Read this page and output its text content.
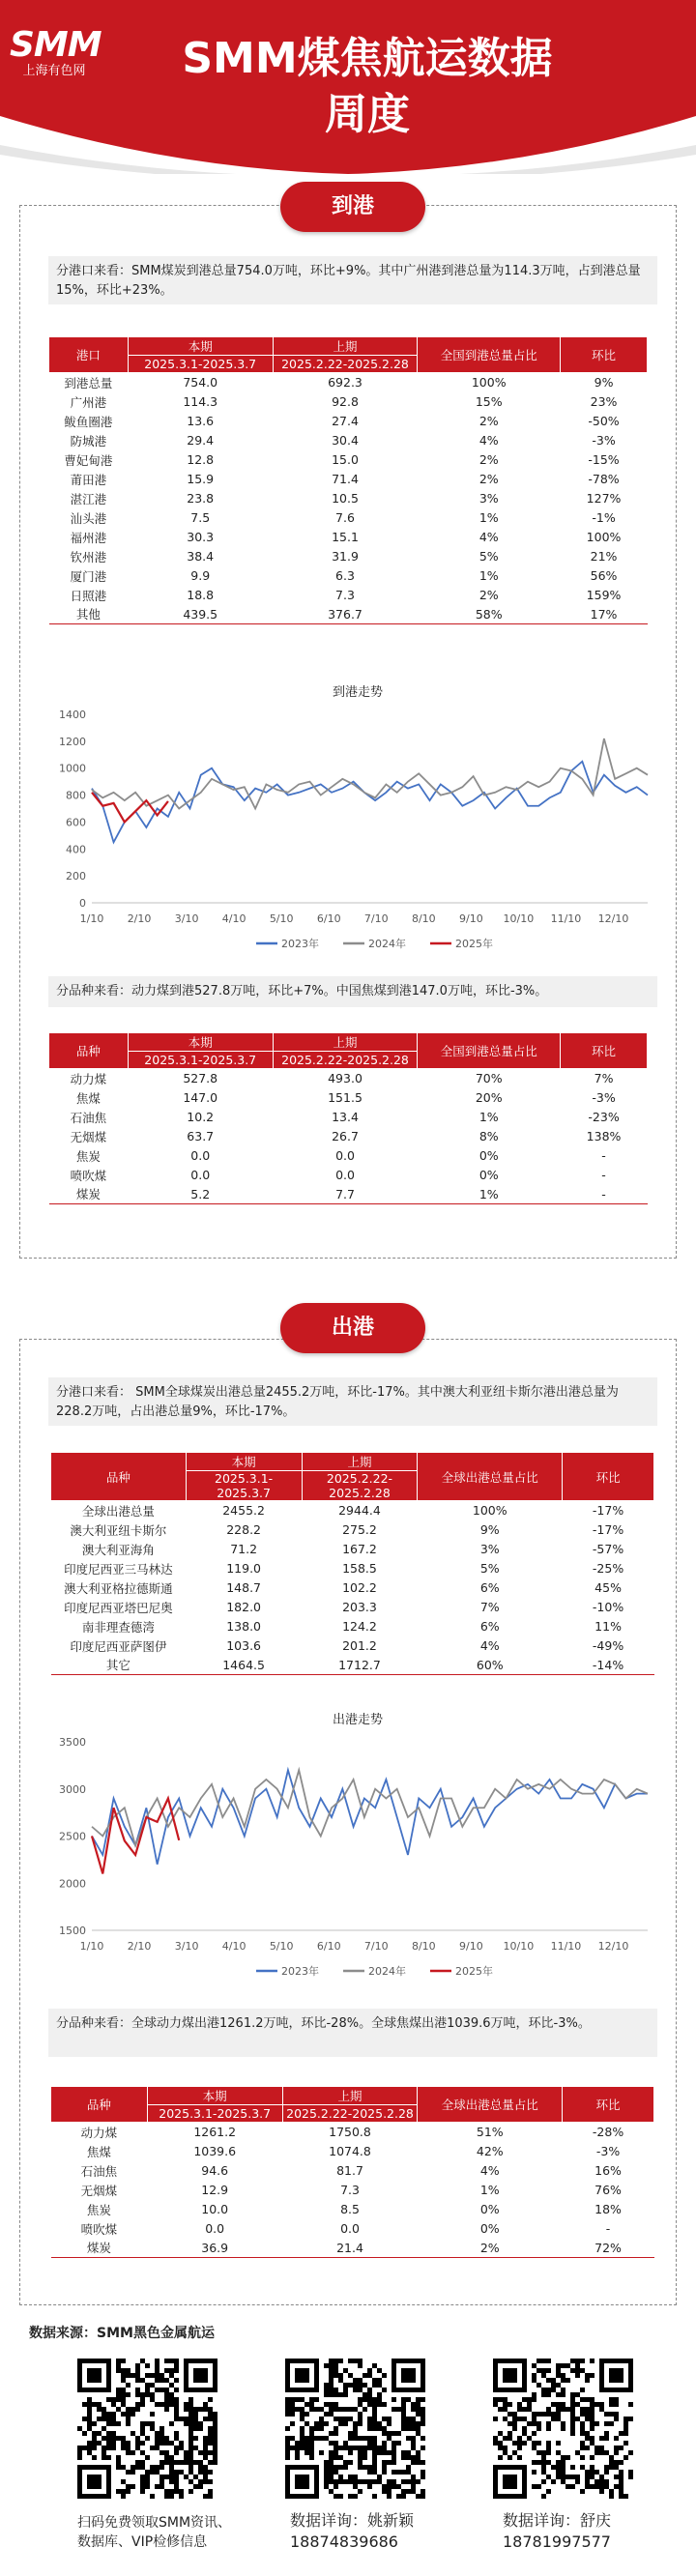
SMM
上海有色网	SMM煤焦航运数据
周度
到港
分港口来看：SMM煤炭到港总量754.0万吨，环比+9%。其中广州港到港总量为114.3万吨，占到港总量15%，环比+23%。
港口	本期	上期	全国到港总量占比	环比
	2025.3.1-2025.3.7	2025.2.22-2025.2.28		
到港总量	754.0	692.3	100%	9%
广州港	114.3	92.8	15%	23%
鲅鱼圈港	13.6	27.4	2%	-50%
防城港	29.4	30.4	4%	-3%
曹妃甸港	12.8	15.0	2%	-15%
莆田港	15.9	71.4	2%	-78%
湛江港	23.8	10.5	3%	127%
汕头港	7.5	7.6	1%	-1%
福州港	30.3	15.1	4%	100%
钦州港	38.4	31.9	5%	21%
厦门港	9.9	6.3	1%	56%
日照港	18.8	7.3	2%	159%
其他	439.5	376.7	58%	17%
到港走势
0
200
400
600
800
1000
1200
1400
1/10 2/10 3/10 4/10 5/10 6/10 7/10 8/10 9/10 10/10 11/10 12/10
2023年	2024年	2025年
分品种来看：动力煤到港527.8万吨，环比+7%。中国焦煤到港147.0万吨，环比-3%。
品种	本期	上期	全国到港总量占比	环比
	2025.3.1-2025.3.7	2025.2.22-2025.2.28		
动力煤	527.8	493.0	70%	7%
焦煤	147.0	151.5	20%	-3%
石油焦	10.2	13.4	1%	-23%
无烟煤	63.7	26.7	8%	138%
焦炭	0.0	0.0	0%	-
喷吹煤	0.0	0.0	0%	-
煤炭	5.2	7.7	1%	-
出港
分港口来看： SMM全球煤炭出港总量2455.2万吨，环比-17%。其中澳大利亚纽卡斯尔港出港总量为228.2万吨，占出港总量9%，环比-17%。
品种	本期	上期	全球出港总量占比	环比
	2025.3.1-2025.3.7	2025.2.22-2025.2.28		
全球出港总量	2455.2	2944.4	100%	-17%
澳大利亚纽卡斯尔	228.2	275.2	9%	-17%
澳大利亚海角	71.2	167.2	3%	-57%
印度尼西亚三马林达	119.0	158.5	5%	-25%
澳大利亚格拉德斯通	148.7	102.2	6%	45%
印度尼西亚塔巴尼奥	182.0	203.3	7%	-10%
南非理查德湾	138.0	124.2	6%	11%
印度尼西亚萨图伊	103.6	201.2	4%	-49%
其它	1464.5	1712.7	60%	-14%
出港走势
1500
2000
2500
3000
3500
1/10 2/10 3/10 4/10 5/10 6/10 7/10 8/10 9/10 10/10 11/10 12/10
2023年	2024年	2025年
分品种来看：全球动力煤出港1261.2万吨，环比-28%。全球焦煤出港1039.6万吨，环比-3%。
品种	本期	上期	全球出港总量占比	环比
	2025.3.1-2025.3.7	2025.2.22-2025.2.28		
动力煤	1261.2	1750.8	51%	-28%
焦煤	1039.6	1074.8	42%	-3%
石油焦	94.6	81.7	4%	16%
无烟煤	12.9	7.3	1%	76%
焦炭	10.0	8.5	0%	18%
喷吹煤	0.0	0.0	0%	-
煤炭	36.9	21.4	2%	72%
数据来源：SMM黑色金属航运
扫码免费领取SMM资讯、
数据库、VIP检修信息
数据详询：姚新颖
18874839686
数据详询：舒庆
18781997577
